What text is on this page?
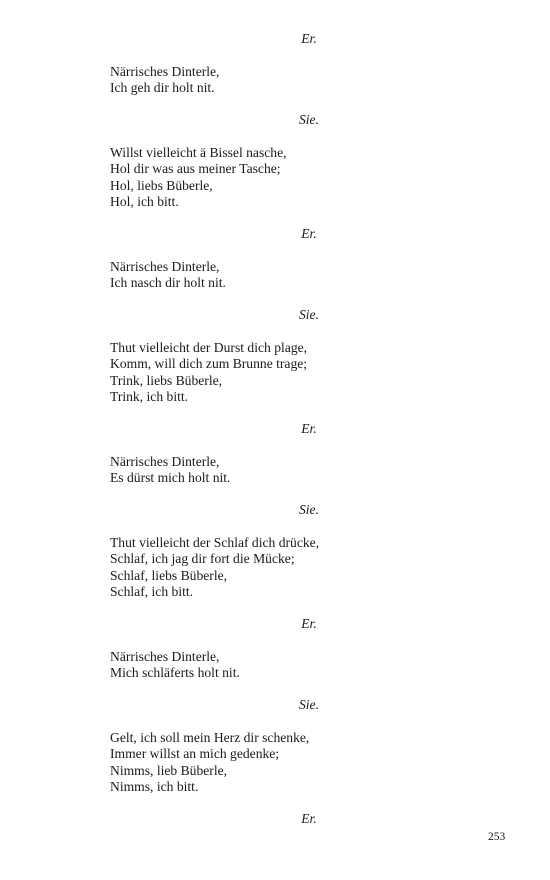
Er.
Närrisches Dinterle,
Ich geh dir holt nit.
Sie.
Willst vielleicht ä Bissel nasche,
Hol dir was aus meiner Tasche;
Hol, liebs Büberle,
Hol, ich bitt.
Er.
Närrisches Dinterle,
Ich nasch dir holt nit.
Sie.
Thut vielleicht der Durst dich plage,
Komm, will dich zum Brunne trage;
Trink, liebs Büberle,
Trink, ich bitt.
Er.
Närrisches Dinterle,
Es dürst mich holt nit.
Sie.
Thut vielleicht der Schlaf dich drücke,
Schlaf, ich jag dir fort die Mücke;
Schlaf, liebs Büberle,
Schlaf, ich bitt.
Er.
Närrisches Dinterle,
Mich schläferts holt nit.
Sie.
Gelt, ich soll mein Herz dir schenke,
Immer willst an mich gedenke;
Nimms, lieb Büberle,
Nimms, ich bitt.
Er.
253
